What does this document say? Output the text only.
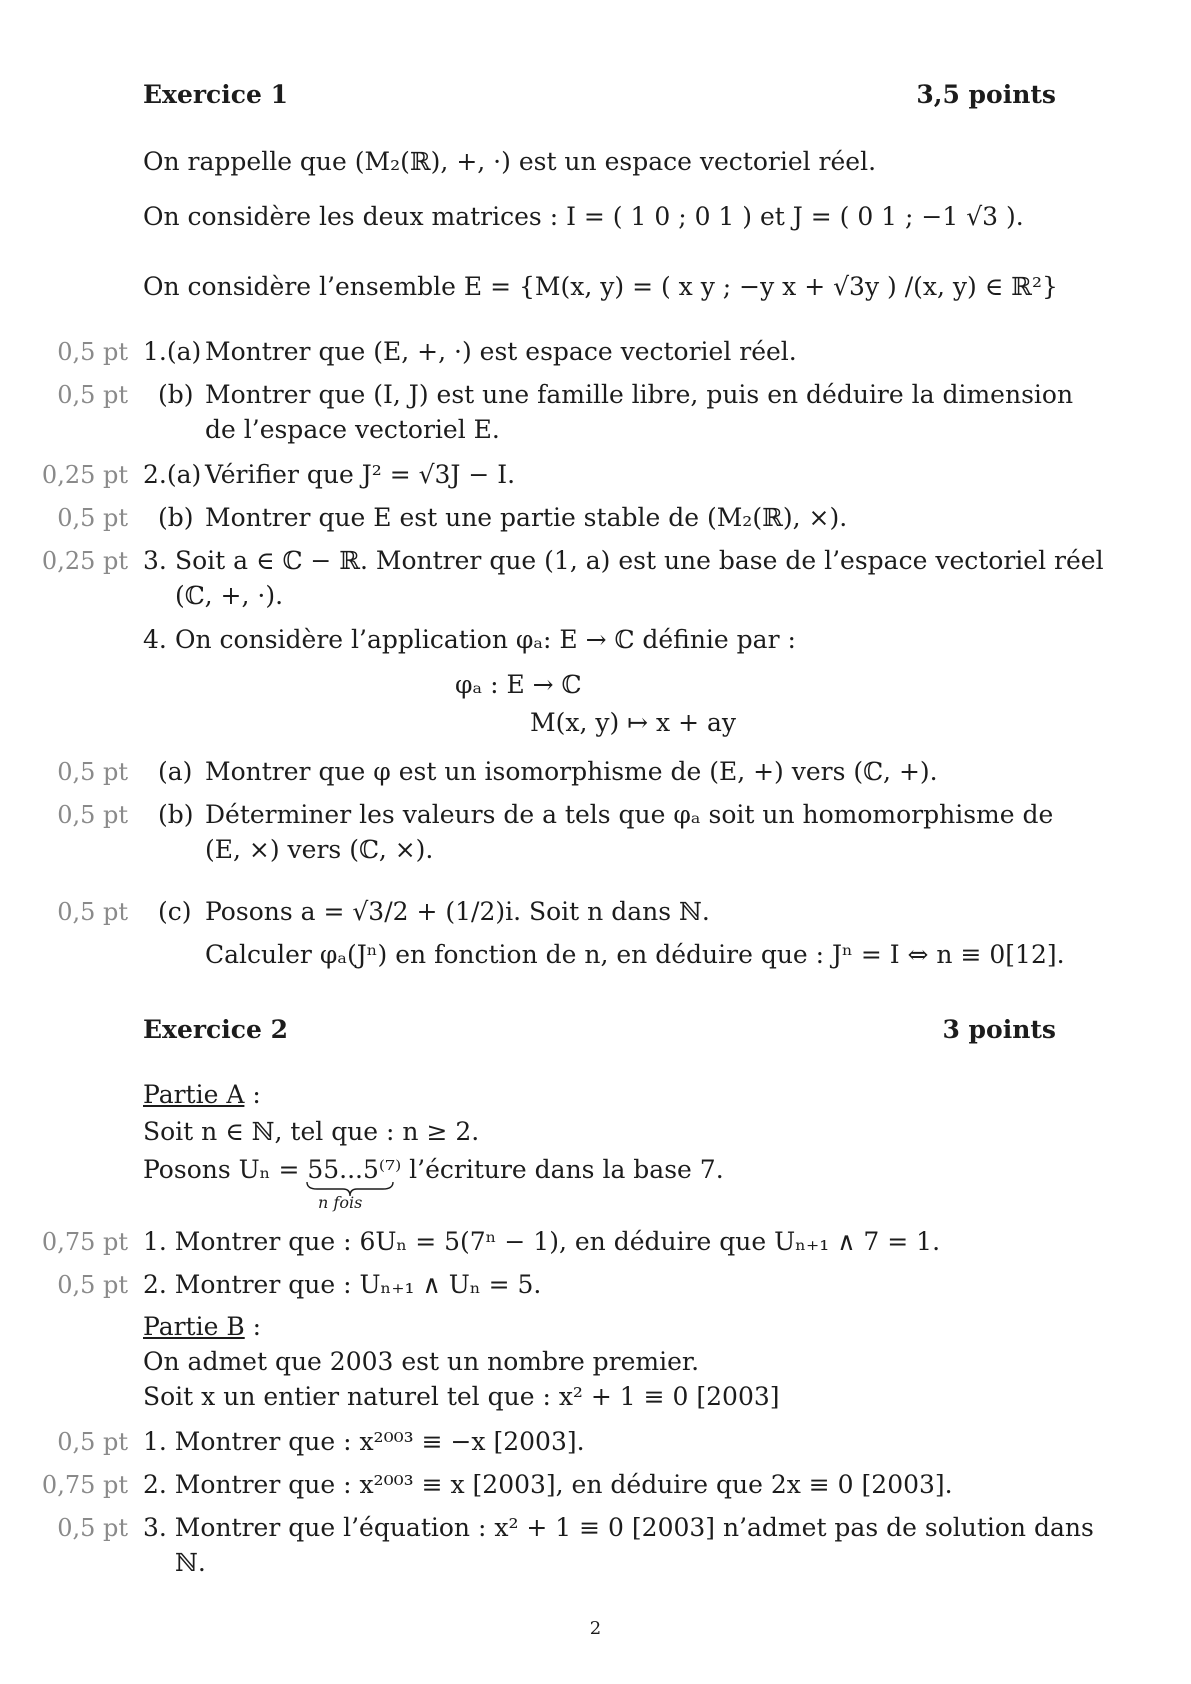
Exercice 1	3,5 points
On rappelle que (M₂(ℝ), +, ·) est un espace vectoriel réel.
On considère les deux matrices : I = ( 1 0 ; 0 1 ) et J = ( 0 1 ; −1 √3 ).
On considère l’ensemble E = {M(x, y) = ( x y ; −y x + √3y ) /(x, y) ∈ ℝ²}
0,5 pt 1.(a) Montrer que (E, +, ·) est espace vectoriel réel.
0,5 pt (b) Montrer que (I, J) est une famille libre, puis en déduire la dimension
de l’espace vectoriel E.
0,25 pt 2.(a) Vérifier que J² = √3J − I.
0,5 pt (b) Montrer que E est une partie stable de (M₂(ℝ), ×).
0,25 pt 3. Soit a ∈ ℂ − ℝ. Montrer que (1, a) est une base de l’espace vectoriel réel
(ℂ, +, ·).
4. On considère l’application φₐ: E → ℂ définie par :
φₐ : E → ℂ
M(x, y) ↦ x + ay
0,5 pt (a) Montrer que φ est un isomorphisme de (E, +) vers (ℂ, +).
0,5 pt (b) Déterminer les valeurs de a tels que φₐ soit un homomorphisme de
(E, ×) vers (ℂ, ×).
0,5 pt (c) Posons a = √3/2 + (1/2)i. Soit n dans ℕ.
Calculer φₐ(Jⁿ) en fonction de n, en déduire que : Jⁿ = I ⇔ n ≡ 0[12].
Exercice 2	3 points
Partie A :
Soit n ∈ ℕ, tel que : n ≥ 2.
Posons Uₙ = 55...5⁽⁷⁾ l’écriture dans la base 7.
n fois
0,75 pt 1. Montrer que : 6Uₙ = 5(7ⁿ − 1), en déduire que Uₙ₊₁ ∧ 7 = 1.
0,5 pt 2. Montrer que : Uₙ₊₁ ∧ Uₙ = 5.
Partie B :
On admet que 2003 est un nombre premier.
Soit x un entier naturel tel que : x² + 1 ≡ 0 [2003]
0,5 pt 1. Montrer que : x²⁰⁰³ ≡ −x [2003].
0,75 pt 2. Montrer que : x²⁰⁰³ ≡ x [2003], en déduire que 2x ≡ 0 [2003].
0,5 pt 3. Montrer que l’équation : x² + 1 ≡ 0 [2003] n’admet pas de solution dans
ℕ.
2
